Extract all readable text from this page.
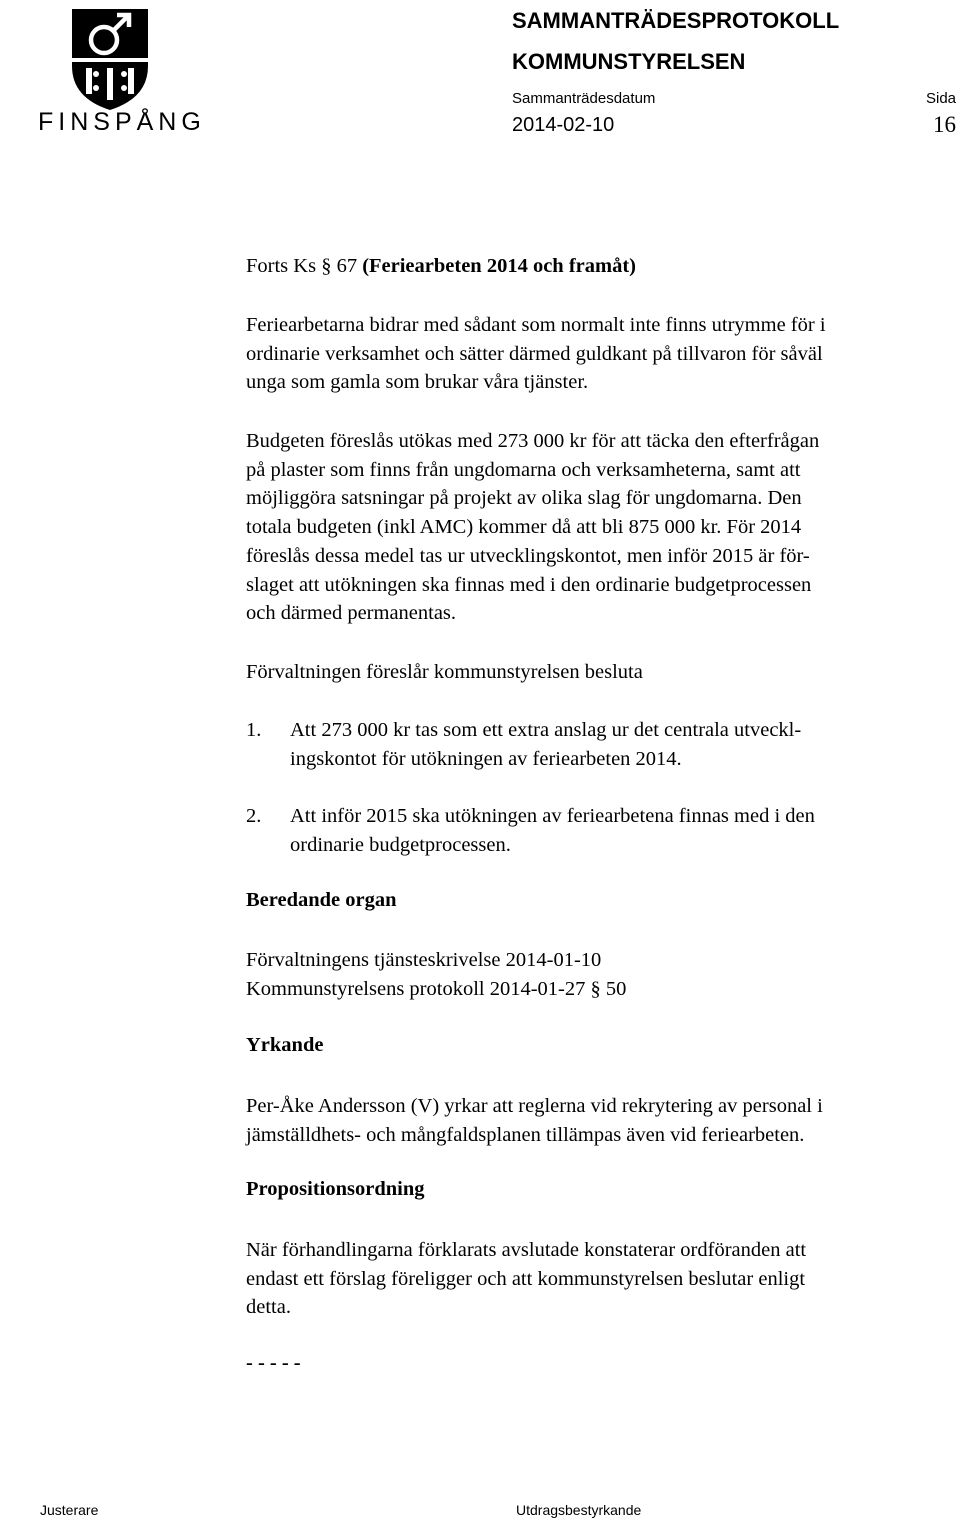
FINSPÅNG
SAMMANTRÄDESPROTOKOLL
KOMMUNSTYRELSEN
Sammanträdesdatum	Sida
2014-02-10	16
Forts Ks § 67 (Feriearbeten 2014 och framåt)
Feriearbetarna bidrar med sådant som normalt inte finns utrymme för i
ordinarie verksamhet och sätter därmed guldkant på tillvaron för såväl
unga som gamla som brukar våra tjänster.
Budgeten föreslås utökas med 273 000 kr för att täcka den efterfrågan
på plaster som finns från ungdomarna och verksamheterna, samt att
möjliggöra satsningar på projekt av olika slag för ungdomarna. Den
totala budgeten (inkl AMC) kommer då att bli 875 000 kr. För 2014
föreslås dessa medel tas ur utvecklingskontot, men inför 2015 är för-
slaget att utökningen ska finnas med i den ordinarie budgetprocessen
och därmed permanentas.
Förvaltningen föreslår kommunstyrelsen besluta
1. Att 273 000 kr tas som ett extra anslag ur det centrala utveckl-
ingskontot för utökningen av feriearbeten 2014.
2. Att inför 2015 ska utökningen av feriearbetena finnas med i den
ordinarie budgetprocessen.
Beredande organ
Förvaltningens tjänsteskrivelse 2014-01-10
Kommunstyrelsens protokoll 2014-01-27 § 50
Yrkande
Per-Åke Andersson (V) yrkar att reglerna vid rekrytering av personal i
jämställdhets- och mångfaldsplanen tillämpas även vid feriearbeten.
Propositionsordning
När förhandlingarna förklarats avslutade konstaterar ordföranden att
endast ett förslag föreligger och att kommunstyrelsen beslutar enligt
detta.
- - - - -
Justerare	Utdragsbestyrkande
